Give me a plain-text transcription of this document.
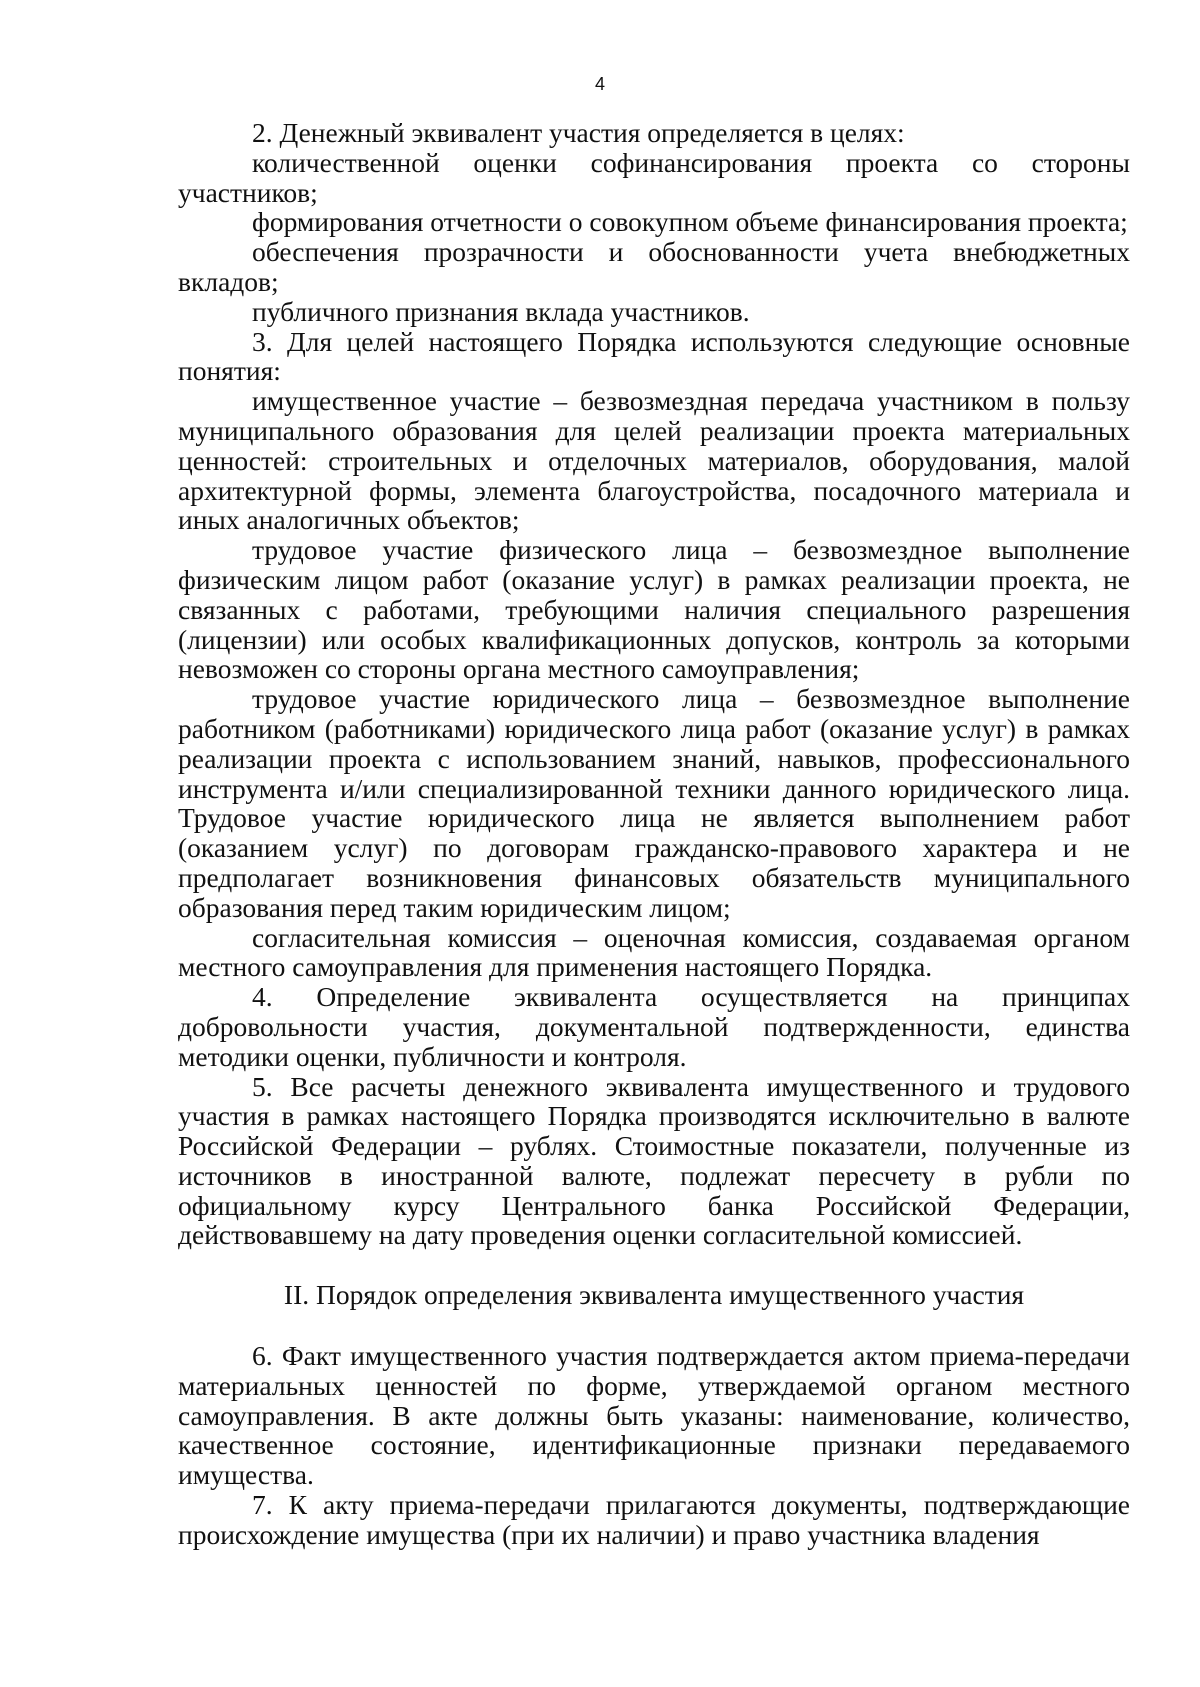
4

2. Денежный эквивалент участия определяется в целях:

количественной оценки софинансирования проекта со стороны участников;

формирования отчетности о совокупном объеме финансирования проекта;

обеспечения прозрачности и обоснованности учета внебюджетных вкладов;

публичного признания вклада участников.

3. Для целей настоящего Порядка используются следующие основные понятия:

имущественное участие – безвозмездная передача участником в пользу муниципального образования для целей реализации проекта материальных ценностей: строительных и отделочных материалов, оборудования, малой архитектурной формы, элемента благоустройства, посадочного материала и иных аналогичных объектов;

трудовое участие физического лица – безвозмездное выполнение физическим лицом работ (оказание услуг) в рамках реализации проекта, не связанных с работами, требующими наличия специального разрешения (лицензии) или особых квалификационных допусков, контроль за которыми невозможен со стороны органа местного самоуправления;

трудовое участие юридического лица – безвозмездное выполнение работником (работниками) юридического лица работ (оказание услуг) в рамках реализации проекта с использованием знаний, навыков, профессионального инструмента и/или специализированной техники данного юридического лица. Трудовое участие юридического лица не является выполнением работ (оказанием услуг) по договорам гражданско-правового характера и не предполагает возникновения финансовых обязательств муниципального образования перед таким юридическим лицом;

согласительная комиссия – оценочная комиссия, создаваемая органом местного самоуправления для применения настоящего Порядка.

4. Определение эквивалента осуществляется на принципах добровольности участия, документальной подтвержденности, единства методики оценки, публичности и контроля.

5. Все расчеты денежного эквивалента имущественного и трудового участия в рамках настоящего Порядка производятся исключительно в валюте Российской Федерации – рублях. Стоимостные показатели, полученные из источников в иностранной валюте, подлежат пересчету в рубли по официальному курсу Центрального банка Российской Федерации, действовавшему на дату проведения оценки согласительной комиссией.

II. Порядок определения эквивалента имущественного участия

6. Факт имущественного участия подтверждается актом приема-передачи материальных ценностей по форме, утверждаемой органом местного самоуправления. В акте должны быть указаны: наименование, количество, качественное состояние, идентификационные признаки передаваемого имущества.

7. К акту приема-передачи прилагаются документы, подтверждающие происхождение имущества (при их наличии) и право участника владения
